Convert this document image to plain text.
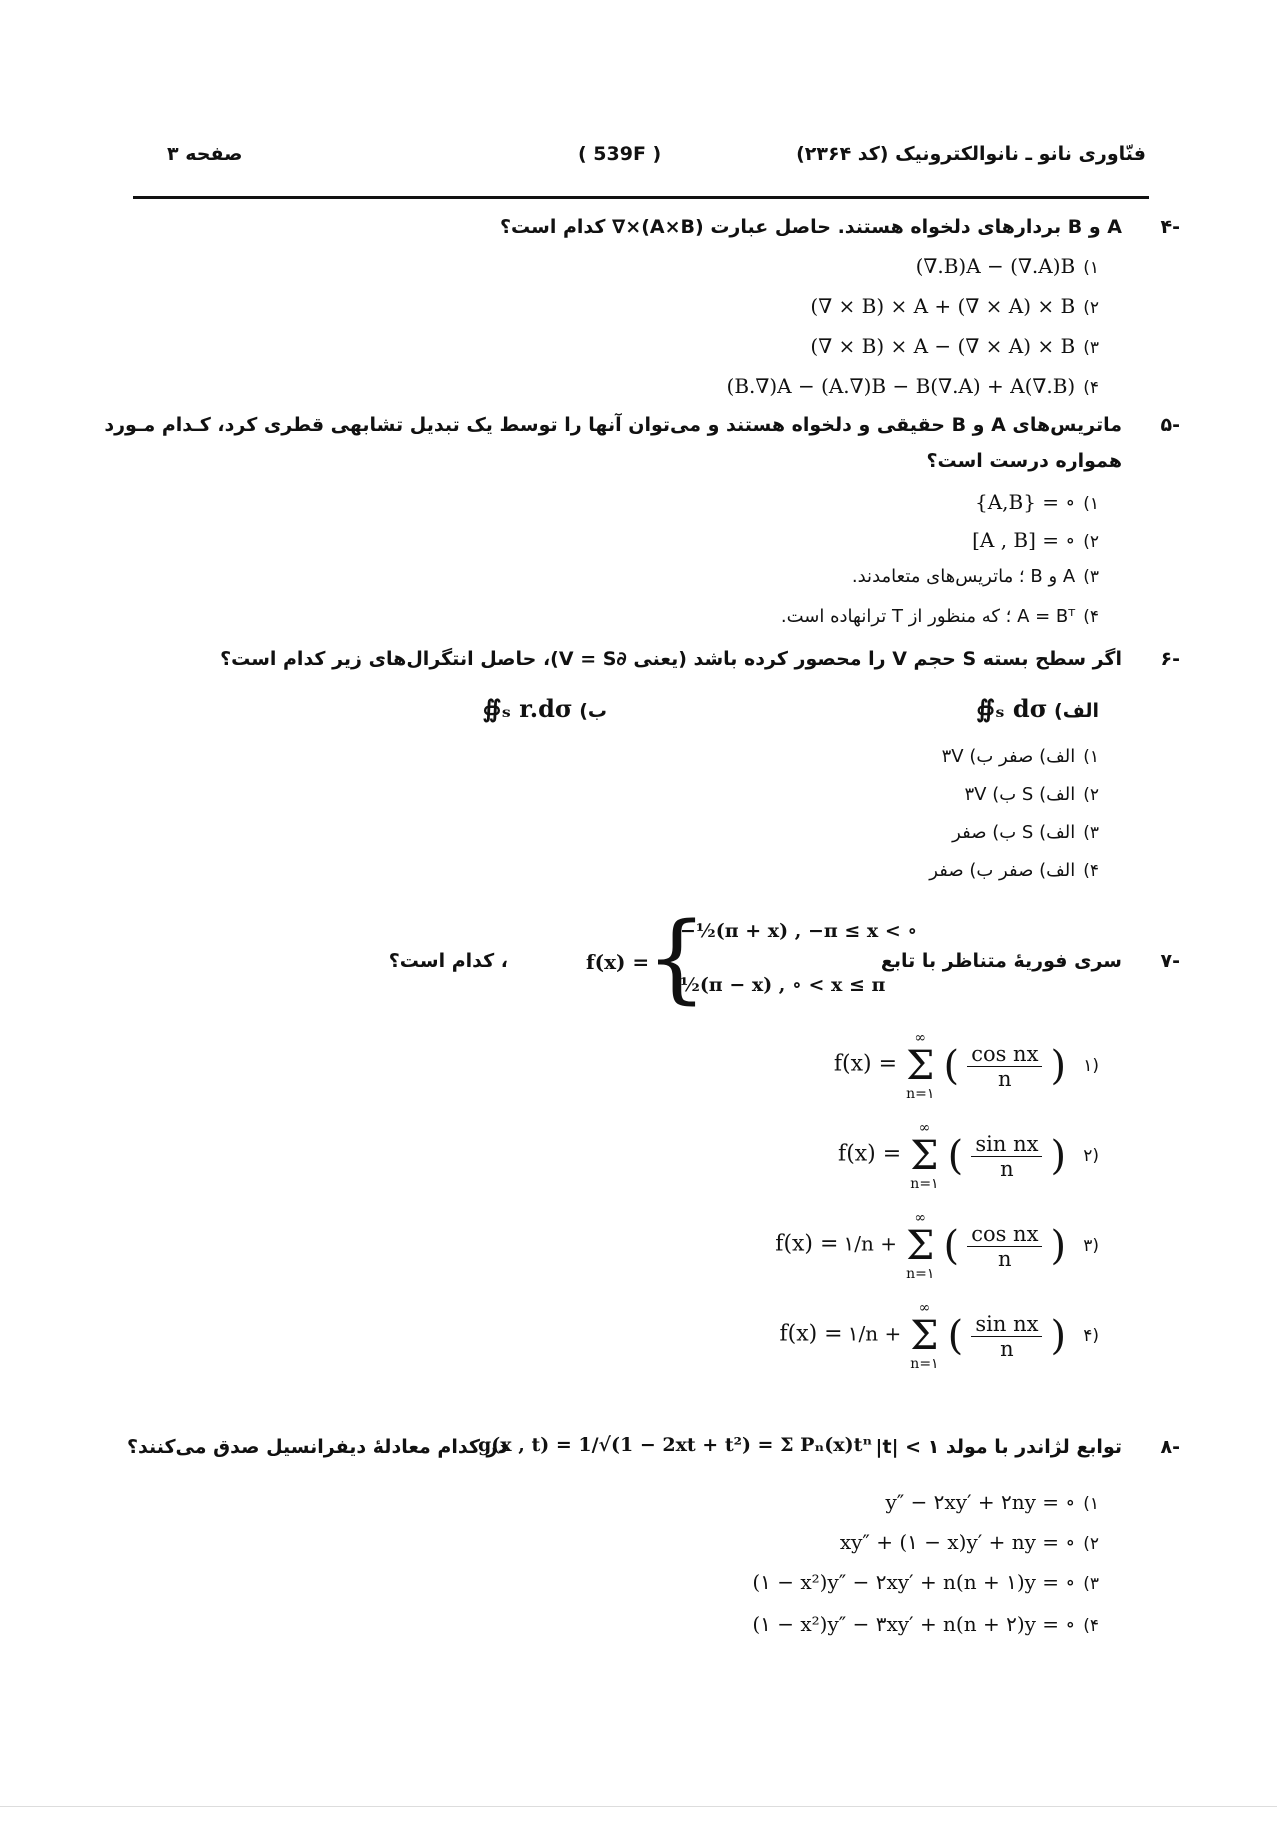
فنّاوری نانو ـ نانوالکترونیک (کد ۲۳۶۴)
( 539F )
صفحه ۳
-۴
A و B بردارهای دلخواه هستند. حاصل عبارت (A×B)×∇ کدام است؟
۱)(∇.B)A − (∇.A)B
۲)(∇ × B) × A + (∇ × A) × B
۳)(∇ × B) × A − (∇ × A) × B
۴)(B.∇)A − (A.∇)B − B(∇.A) + A(∇.B)
-۵
ماتریس‌های A و B حقیقی و دلخواه هستند و می‌توان آنها را توسط یک تبدیل تشابهی قطری کرد، کـدام مـورد
همواره درست است؟
۱){A,B} = ∘
۲)[A , B] = ∘
۳)A و B ؛ ماتریس‌های متعامدند.
۴)A = Bᵀ ؛ که منظور از T ترانهاده است.
-۶
اگر سطح بسته S حجم V را محصور کرده باشد (یعنی ∂V = S)، حاصل انتگرال‌های زیر کدام است؟
الف) ∯ₛ dσ
ب) ∯ₛ r.dσ
۱)الف) صفر ب) ۳V
۲)الف) S ب) ۳V
۳)الف) S ب) صفر
۴)الف) صفر ب) صفر
-۷
سری فوریهٔ متناظر با تابع
، کدام است؟	f(x) =
{
−½(π + x) , −π ≤ x < ∘
½(π − x) , ∘ < x ≤ π
f(x) =
∞
Σ
n=۱
( $\frac{\text{cos nx}}{n}$ ) ۱)
f(x) =
∞
Σ
n=۱
( $\frac{\text{sin nx}}{n}$ ) ۲)
f(x) = ۱/n +
∞
Σ
n=۱
( $\frac{\text{cos nx}}{n}$ ) ۳)
f(x) = ۱/n +
∞
Σ
n=۱
( $\frac{\text{sin nx}}{n}$ ) ۴)
-۸
توابع لژاندر با مولد ۱ > |t|
g(x , t) = 1/√(1 − 2xt + t²) = Σ Pₙ(x)tⁿ
در کدام معادلهٔ دیفرانسیل صدق می‌کنند؟
۱)y″ − ۲xy′ + ۲ny = ∘
۲)xy″ + (۱ − x)y′ + ny = ∘
۳)(۱ − x²)y″ − ۲xy′ + n(n + ۱)y = ∘
۴)(۱ − x²)y″ − ۳xy′ + n(n + ۲)y = ∘
